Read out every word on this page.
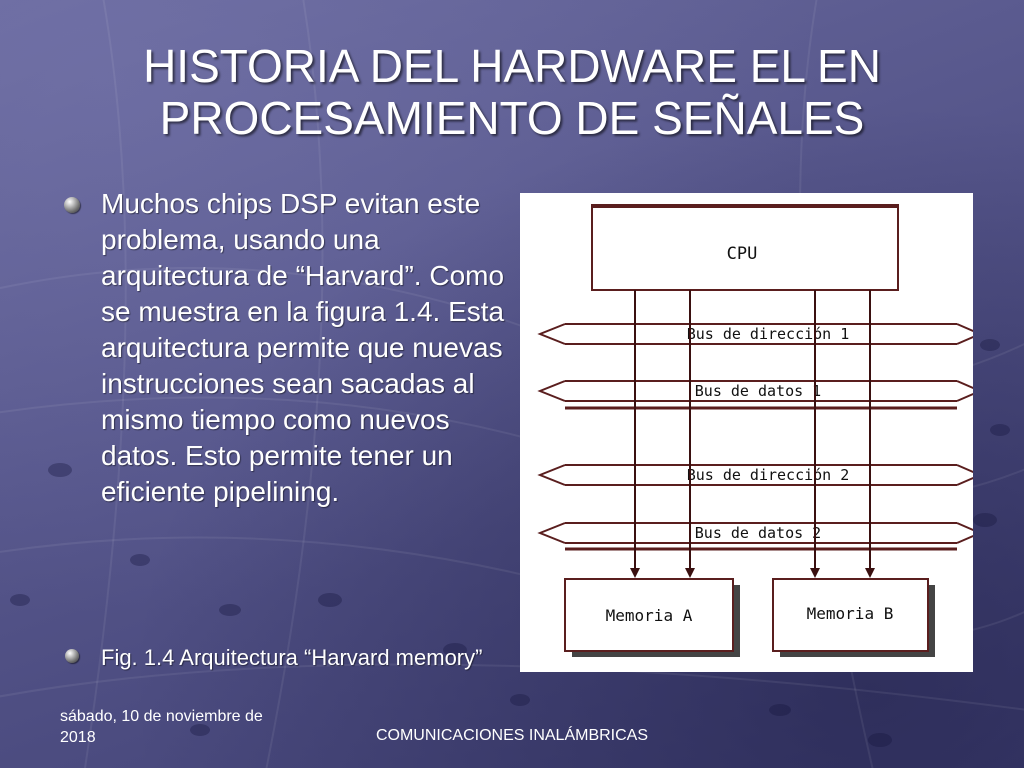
HISTORIA DEL HARDWARE EL EN PROCESAMIENTO DE SEÑALES
Muchos chips DSP evitan este problema, usando una arquitectura de “Harvard”. Como se muestra en la figura 1.4. Esta arquitectura permite que nuevas instrucciones sean sacadas al mismo tiempo como nuevos datos. Esto permite tener un eficiente pipelining.
Fig. 1.4 Arquitectura “Harvard memory”
CPU
Bus de dirección 1
Bus de datos 1
Bus de dirección 2
Bus de datos 2
Memoria A	Memoria B
sábado, 10 de noviembre de 2018	COMUNICACIONES INALÁMBRICAS
